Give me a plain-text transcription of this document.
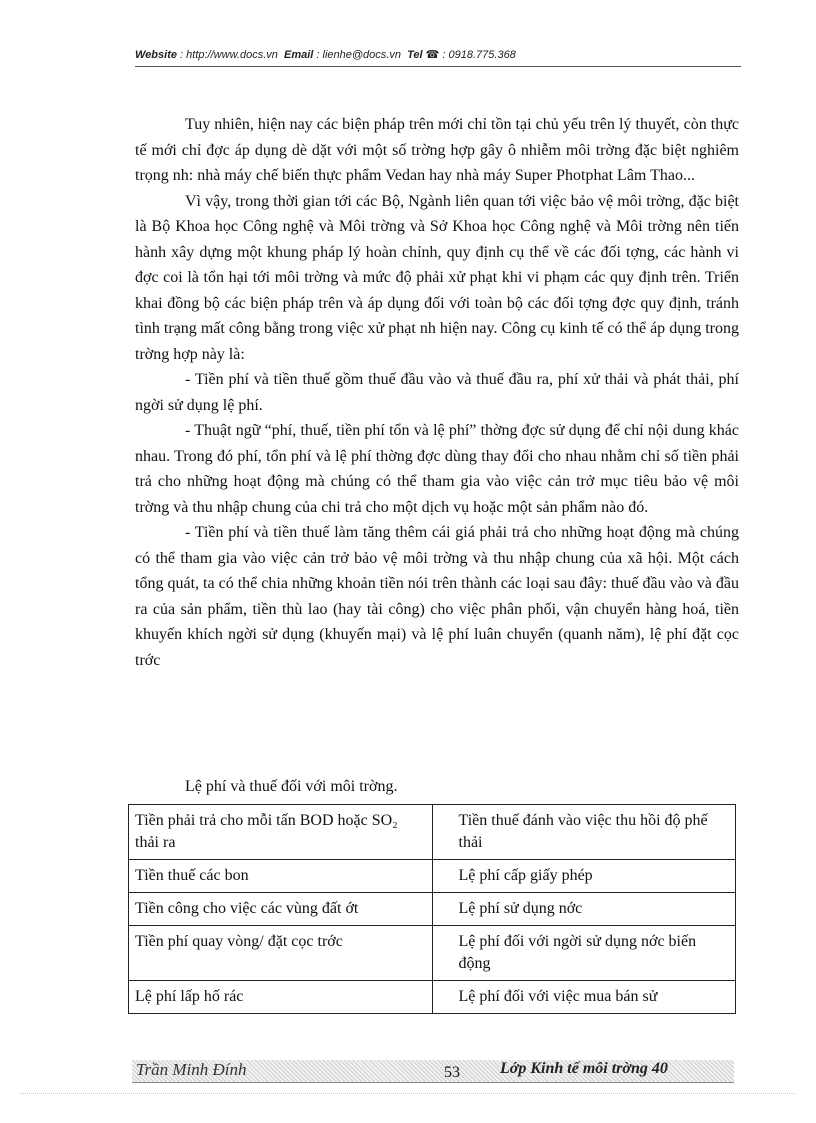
Website : http://www.docs.vn Email : lienhe@docs.vn Tel ☎ : 0918.775.368

Tuy nhiên, hiện nay các biện pháp trên mới chỉ tồn tại chủ yếu trên lý thuyết, còn thực tế mới chỉ đợc áp dụng dè dặt với một số trờng hợp gây ô nhiễm môi trờng đặc biệt nghiêm trọng nh: nhà máy chế biến thực phẩm Vedan hay nhà máy Super Photphat Lâm Thao...

Vì vậy, trong thời gian tới các Bộ, Ngành liên quan tới việc bảo vệ môi trờng, đặc biệt là Bộ Khoa học Công nghệ và Môi trờng và Sở Khoa học Công nghệ và Môi trờng nên tiến hành xây dựng một khung pháp lý hoàn chỉnh, quy định cụ thể về các đối tợng, các hành vi đợc coi là tổn hại tới môi trờng và mức độ phải xử phạt khi vi phạm các quy định trên. Triển khai đồng bộ các biện pháp trên và áp dụng đối với toàn bộ các đối tợng đợc quy định, tránh tình trạng mất công bằng trong việc xử phạt nh hiện nay. Công cụ kinh tế có thể áp dụng trong trờng hợp này là:

- Tiền phí và tiền thuế gồm thuế đầu vào và thuế đầu ra, phí xử thải và phát thải, phí ngời sử dụng lệ phí.

- Thuật ngữ “phí, thuế, tiền phí tổn và lệ phí” thờng đợc sử dụng để chỉ nội dung khác nhau. Trong đó phí, tổn phí và lệ phí thờng đợc dùng thay đổi cho nhau nhằm chỉ số tiền phải trả cho những hoạt động mà chúng có thể tham gia vào việc cản trở mục tiêu bảo vệ môi trờng và thu nhập chung của chi trả cho một dịch vụ hoặc một sản phẩm nào đó.

- Tiền phí và tiền thuế làm tăng thêm cái giá phải trả cho những hoạt động mà chúng có thể tham gia vào việc cản trở bảo vệ môi trờng và thu nhập chung của xã hội. Một cách tổng quát, ta có thể chia những khoản tiền nói trên thành các loại sau đây: thuế đầu vào và đầu ra của sản phẩm, tiền thù lao (hay tài công) cho việc phân phối, vận chuyển hàng hoá, tiền khuyến khích ngời sử dụng (khuyến mại) và lệ phí luân chuyển (quanh năm), lệ phí đặt cọc trớc

Lệ phí và thuế đối với môi trờng.
Tiền phải trả cho mỗi tấn BOD hoặc SO₂ thải ra	Tiền thuế đánh vào việc thu hồi độ phế thải
Tiền thuế các bon	Lệ phí cấp giấy phép
Tiền công cho việc các vùng đất ớt	Lệ phí sử dụng nớc
Tiền phí quay vòng/ đặt cọc trớc	Lệ phí đối với ngời sử dụng nớc biến động
Lệ phí lấp hố rác	Lệ phí đối với việc mua bán sử
Trần Minh Đính	53	Lớp Kinh tế môi trờng 40
